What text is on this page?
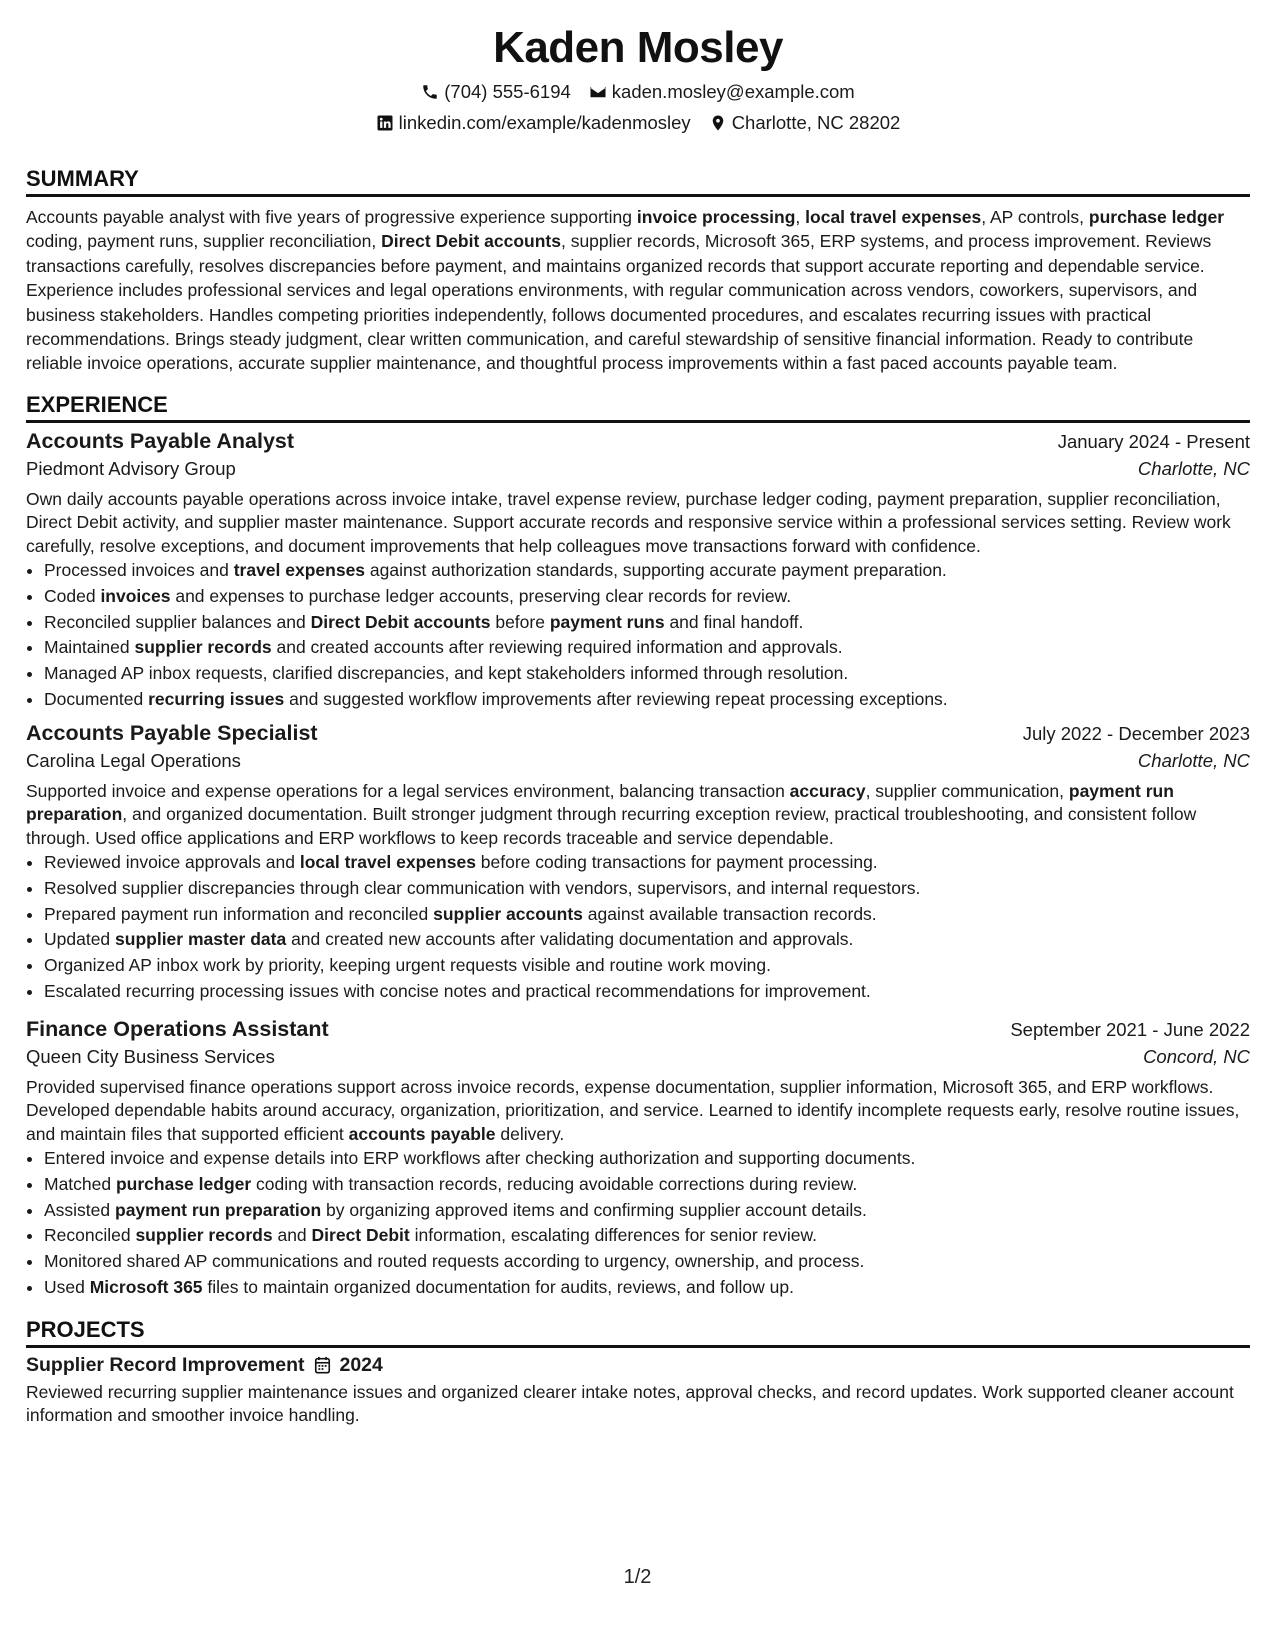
Kaden Mosley
(704) 555-6194 kaden.mosley@example.com
linkedin.com/example/kadenmosley Charlotte, NC 28202
SUMMARY

Accounts payable analyst with five years of progressive experience supporting invoice processing, local travel expenses, AP controls, purchase ledger coding, payment runs, supplier reconciliation, Direct Debit accounts, supplier records, Microsoft 365, ERP systems, and process improvement. Reviews transactions carefully, resolves discrepancies before payment, and maintains organized records that support accurate reporting and dependable service. Experience includes professional services and legal operations environments, with regular communication across vendors, coworkers, supervisors, and business stakeholders. Handles competing priorities independently, follows documented procedures, and escalates recurring issues with practical recommendations. Brings steady judgment, clear written communication, and careful stewardship of sensitive financial information. Ready to contribute reliable invoice operations, accurate supplier maintenance, and thoughtful process improvements within a fast paced accounts payable team.

EXPERIENCE
Accounts Payable Analyst	January 2024 - Present
Piedmont Advisory Group	Charlotte, NC
Own daily accounts payable operations across invoice intake, travel expense review, purchase ledger coding, payment preparation, supplier reconciliation, Direct Debit activity, and supplier master maintenance. Support accurate records and responsive service within a professional services setting. Review work carefully, resolve exceptions, and document improvements that help colleagues move transactions forward with confidence.
• Processed invoices and travel expenses against authorization standards, supporting accurate payment preparation.
• Coded invoices and expenses to purchase ledger accounts, preserving clear records for review.
• Reconciled supplier balances and Direct Debit accounts before payment runs and final handoff.
• Maintained supplier records and created accounts after reviewing required information and approvals.
• Managed AP inbox requests, clarified discrepancies, and kept stakeholders informed through resolution.
• Documented recurring issues and suggested workflow improvements after reviewing repeat processing exceptions.
Accounts Payable Specialist	July 2022 - December 2023
Carolina Legal Operations	Charlotte, NC
Supported invoice and expense operations for a legal services environment, balancing transaction accuracy, supplier communication, payment run preparation, and organized documentation. Built stronger judgment through recurring exception review, practical troubleshooting, and consistent follow through. Used office applications and ERP workflows to keep records traceable and service dependable.
• Reviewed invoice approvals and local travel expenses before coding transactions for payment processing.
• Resolved supplier discrepancies through clear communication with vendors, supervisors, and internal requestors.
• Prepared payment run information and reconciled supplier accounts against available transaction records.
• Updated supplier master data and created new accounts after validating documentation and approvals.
• Organized AP inbox work by priority, keeping urgent requests visible and routine work moving.
• Escalated recurring processing issues with concise notes and practical recommendations for improvement.
Finance Operations Assistant	September 2021 - June 2022
Queen City Business Services	Concord, NC
Provided supervised finance operations support across invoice records, expense documentation, supplier information, Microsoft 365, and ERP workflows. Developed dependable habits around accuracy, organization, prioritization, and service. Learned to identify incomplete requests early, resolve routine issues, and maintain files that supported efficient accounts payable delivery.
• Entered invoice and expense details into ERP workflows after checking authorization and supporting documents.
• Matched purchase ledger coding with transaction records, reducing avoidable corrections during review.
• Assisted payment run preparation by organizing approved items and confirming supplier account details.
• Reconciled supplier records and Direct Debit information, escalating differences for senior review.
• Monitored shared AP communications and routed requests according to urgency, ownership, and process.
• Used Microsoft 365 files to maintain organized documentation for audits, reviews, and follow up.
PROJECTS
Supplier Record Improvement 2024
Reviewed recurring supplier maintenance issues and organized clearer intake notes, approval checks, and record updates. Work supported cleaner account information and smoother invoice handling.
1/2
